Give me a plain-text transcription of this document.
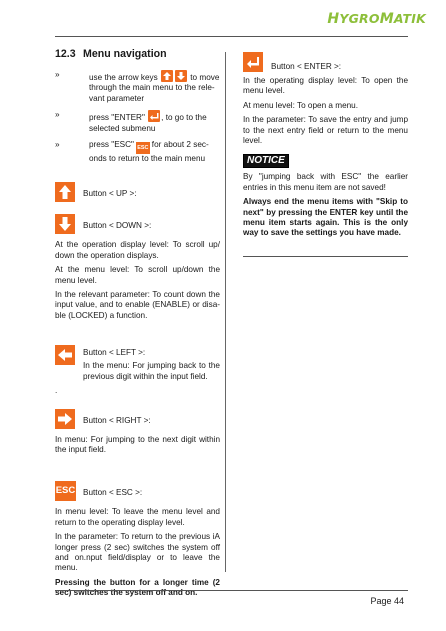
HYGROMATIK
12.3 Menu navigation
»	use the arrow keys	to move through the main menu to the rele-vant parameter
»	press "ENTER"
, to go to the selected submenu
»	press "ESC" ESC for about 2 sec-onds to return to the main menu
Button < UP >:
Button < DOWN >:

At the operation display level: To scroll up/ down the operation displays.

At the menu level: To scroll up/down the menu level.

In the relevant parameter: To count down the input value, and to enable (ENABLE) or disa-ble (LOCKED) a function.

Button < LEFT >:

In the menu: For jumping back to the previous digit within the input field.

.
Button < RIGHT >:

In menu: For jumping to the next digit within the input field.

ESC Button < ESC >:

In menu level: To leave the menu level and return to the operating display level.

In the parameter: To return to the previous iA longer press (2 sec) switches the system off and on.nput field/display or to leave the menu.

Pressing the button for a longer time (2 sec) switches the system off and on.

Button < ENTER >:

In the operating display level: To open the menu level.

At menu level: To open a menu.

In the parameter: To save the entry and jump to the next entry field or return to the menu level.

NOTICE

By "jumping back with ESC" the earlier entries in this menu item are not saved!

Always end the menu items with "Skip to next" by pressing the ENTER key until the menu item starts again. This is the only way to save the settings you have made.

Page 44
